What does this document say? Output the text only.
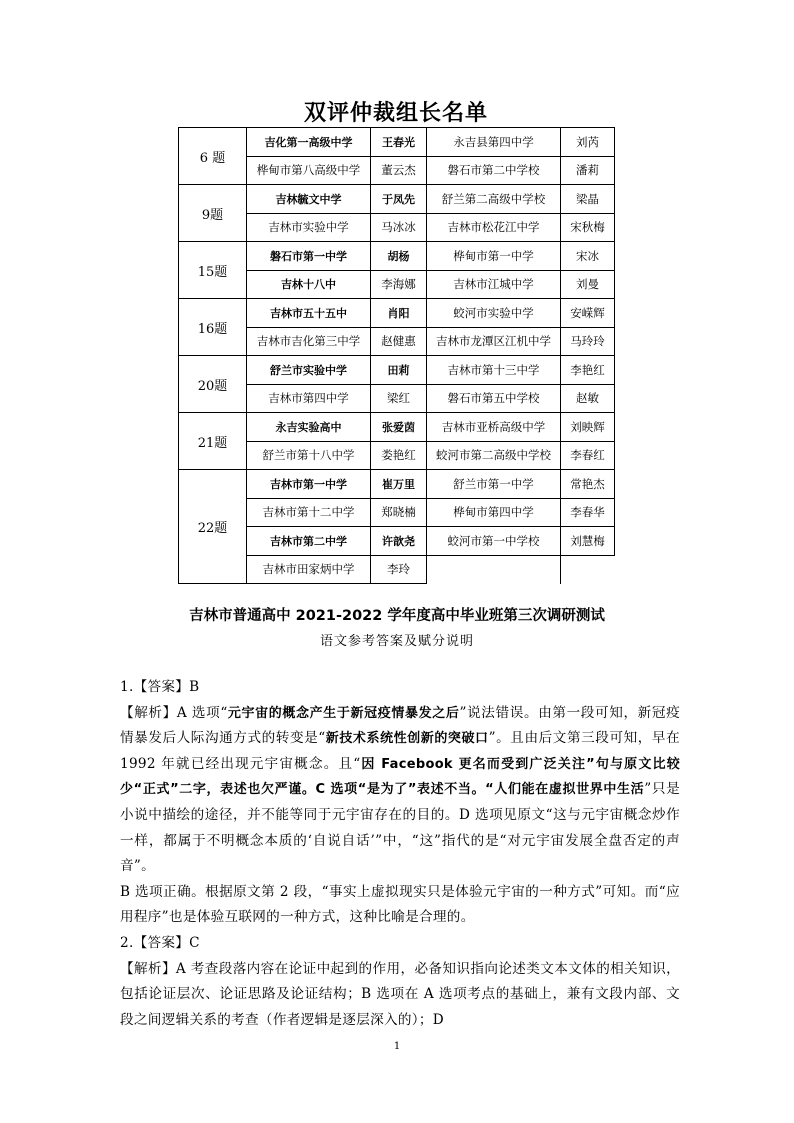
双评仲裁组长名单
6 题	吉化第一高级中学	王春光	永吉县第四中学	刘芮
	桦甸市第八高级中学	董云杰	磐石市第二中学校	潘莉
9题	吉林毓文中学	于凤先	舒兰第二高级中学校	梁晶
	吉林市实验中学	马冰冰	吉林市松花江中学	宋秋梅
15题	磐石市第一中学	胡杨	桦甸市第一中学	宋冰
	吉林十八中	李海娜	吉林市江城中学	刘曼
16题	吉林市五十五中	肖阳	蛟河市实验中学	安嵘辉
	吉林市吉化第三中学	赵健惠	吉林市龙潭区江机中学	马玲玲
20题	舒兰市实验中学	田莉	吉林市第十三中学	李艳红
	吉林市第四中学	梁红	磐石市第五中学校	赵敏
21题	永吉实验高中	张爱茵	吉林市亚桥高级中学	刘映辉
	舒兰市第十八中学	娄艳红	蛟河市第二高级中学校	李春红
22题	吉林市第一中学	崔万里	舒兰市第一中学	常艳杰
	吉林市第十二中学	郑晓楠	桦甸市第四中学	李春华
	吉林市第二中学	许歆尧	蛟河市第一中学校	刘慧梅
	吉林市田家炳中学	李玲		
吉林市普通高中 2021-2022 学年度高中毕业班第三次调研测试
语文参考答案及赋分说明

1.【答案】B

【解析】A 选项“元宇宙的概念产生于新冠疫情暴发之后”说法错误。由第一段可知，新冠疫情暴发后人际沟通方式的转变是“新技术系统性创新的突破口”。且由后文第三段可知，早在 1992 年就已经出现元宇宙概念。且“因 Facebook 更名而受到广泛关注”句与原文比较少“正式”二字，表述也欠严谨。C 选项“是为了”表述不当。“人们能在虚拟世界中生活”只是小说中描绘的途径，并不能等同于元宇宙存在的目的。D 选项见原文“这与元宇宙概念炒作一样，都属于不明概念本质的‘自说自话’”中，“这”指代的是“对元宇宙发展全盘否定的声音”。

B 选项正确。根据原文第 2 段，“事实上虚拟现实只是体验元宇宙的一种方式”可知。而“应用程序”也是体验互联网的一种方式，这种比喻是合理的。

2.【答案】C

【解析】A 考查段落内容在论证中起到的作用，必备知识指向论述类文本文体的相关知识，包括论证层次、论证思路及论证结构；B 选项在 A 选项考点的基础上，兼有文段内部、文段之间逻辑关系的考查（作者逻辑是逐层深入的）；D

1
